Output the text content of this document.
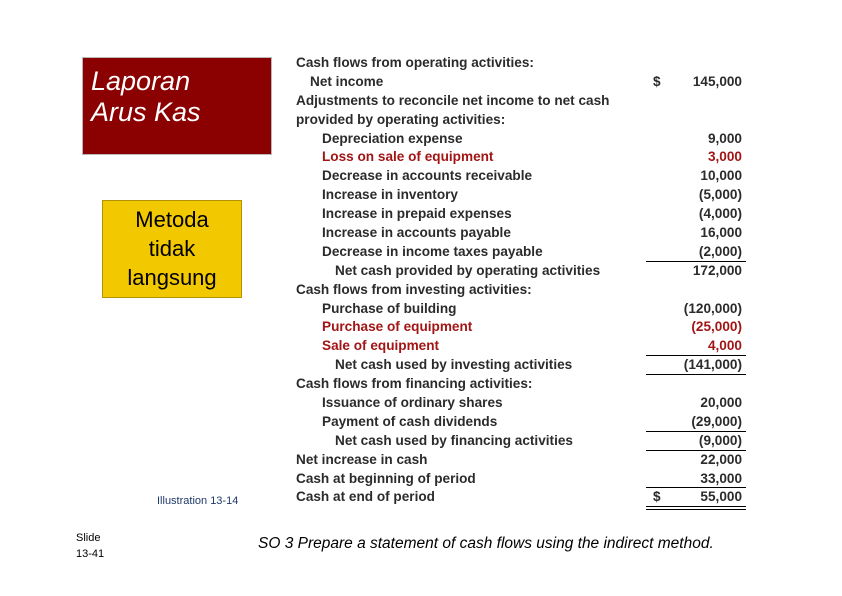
Laporan
Arus Kas
Metoda
tidak
langsung
Cash flows from operating activities:
Net income	$ 145,000
Adjustments to reconcile net income to net cash
provided by operating activities:
Depreciation expense	9,000
Loss on sale of equipment	3,000
Decrease in accounts receivable	10,000
Increase in inventory	(5,000)
Increase in prepaid expenses	(4,000)
Increase in accounts payable	16,000
Decrease in income taxes payable	(2,000)
Net cash provided by operating activities	172,000
Cash flows from investing activities:
Purchase of building	(120,000)
Purchase of equipment	(25,000)
Sale of equipment	4,000
Net cash used by investing activities	(141,000)
Cash flows from financing activities:
Issuance of ordinary shares	20,000
Payment of cash dividends	(29,000)
Net cash used by financing activities	(9,000)
Net increase in cash	22,000
Cash at beginning of period	33,000
Cash at end of period	$	55,000
Illustration 13-14
Slide
13-41
SO 3 Prepare a statement of cash flows using the indirect method.
